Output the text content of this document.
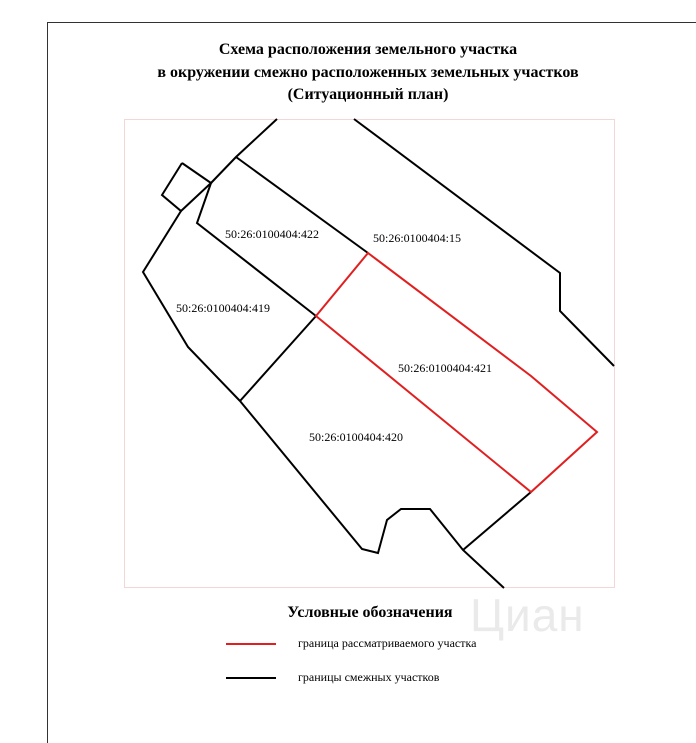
Схема расположения земельного участка
в окружении смежно расположенных земельных участков
(Ситуационный план)
Циан
50:26:0100404:422	50:26:0100404:15
50:26:0100404:419
50:26:0100404:421
50:26:0100404:420
Условные обозначения
граница рассматриваемого участка
границы смежных участков
